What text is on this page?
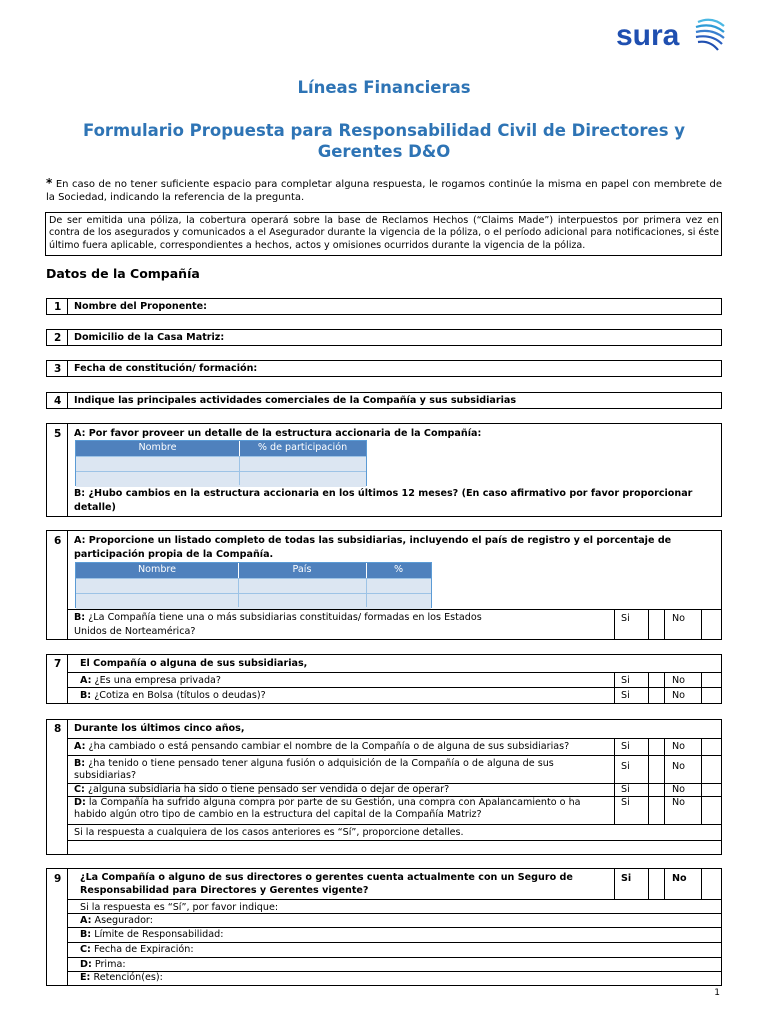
sura
Líneas Financieras
Formulario Propuesta para Responsabilidad Civil de Directores y Gerentes D&O
* En caso de no tener suficiente espacio para completar alguna respuesta, le rogamos continúe la misma en papel con membrete de la Sociedad, indicando la referencia de la pregunta.
De ser emitida una póliza, la cobertura operará sobre la base de Reclamos Hechos (“Claims Made”) interpuestos por primera vez en contra de los asegurados y comunicados a el Asegurador durante la vigencia de la póliza, o el período adicional para notificaciones, si éste último fuera aplicable, correspondientes a hechos, actos y omisiones ocurridos durante la vigencia de la póliza.
Datos de la Compañía
1 Nombre del Proponente:
2 Domicilio de la Casa Matriz:
3 Fecha de constitución/ formación:
4 Indique las principales actividades comerciales de la Compañía y sus subsidiarias
5 A: Por favor proveer un detalle de la estructura accionaria de la Compañía:
Nombre	% de participación
B: ¿Hubo cambios en la estructura accionaria en los últimos 12 meses? (En caso afirmativo por favor proporcionar detalle)
6 A: Proporcione un listado completo de todas las subsidiarias, incluyendo el país de registro y el porcentaje de participación propia de la Compañía.
Nombre	País	%
B: ¿La Compañía tiene una o más subsidiarias constituidas/ formadas en los Estados Unidos de Norteamérica?
Si	No
7 El Compañía o alguna de sus subsidiarias,
A: ¿Es una empresa privada?	Si	No
B: ¿Cotiza en Bolsa (títulos o deudas)?	Si	No
8 Durante los últimos cinco años,
A: ¿ha cambiado o está pensando cambiar el nombre de la Compañía o de alguna de sus subsidiarias?	Si	No
B: ¿ha tenido o tiene pensado tener alguna fusión o adquisición de la Compañía o de alguna de sus subsidiarias?
Si	No
C: ¿alguna subsidiaria ha sido o tiene pensado ser vendida o dejar de operar?	Si	No
D: la Compañía ha sufrido alguna compra por parte de su Gestión, una compra con Apalancamiento o ha habido algún otro tipo de cambio en la estructura del capital de la Compañía Matriz?
Si	No
Si la respuesta a cualquiera de los casos anteriores es “Sí”, proporcione detalles.
9 ¿La Compañía o alguno de sus directores o gerentes cuenta actualmente con un Seguro de Responsabilidad para Directores y Gerentes vigente?
Si	No
Si la respuesta es “Sí”, por favor indique:
A: Asegurador:
B: Límite de Responsabilidad:
C: Fecha de Expiración:
D: Prima:
E: Retención(es):
1
